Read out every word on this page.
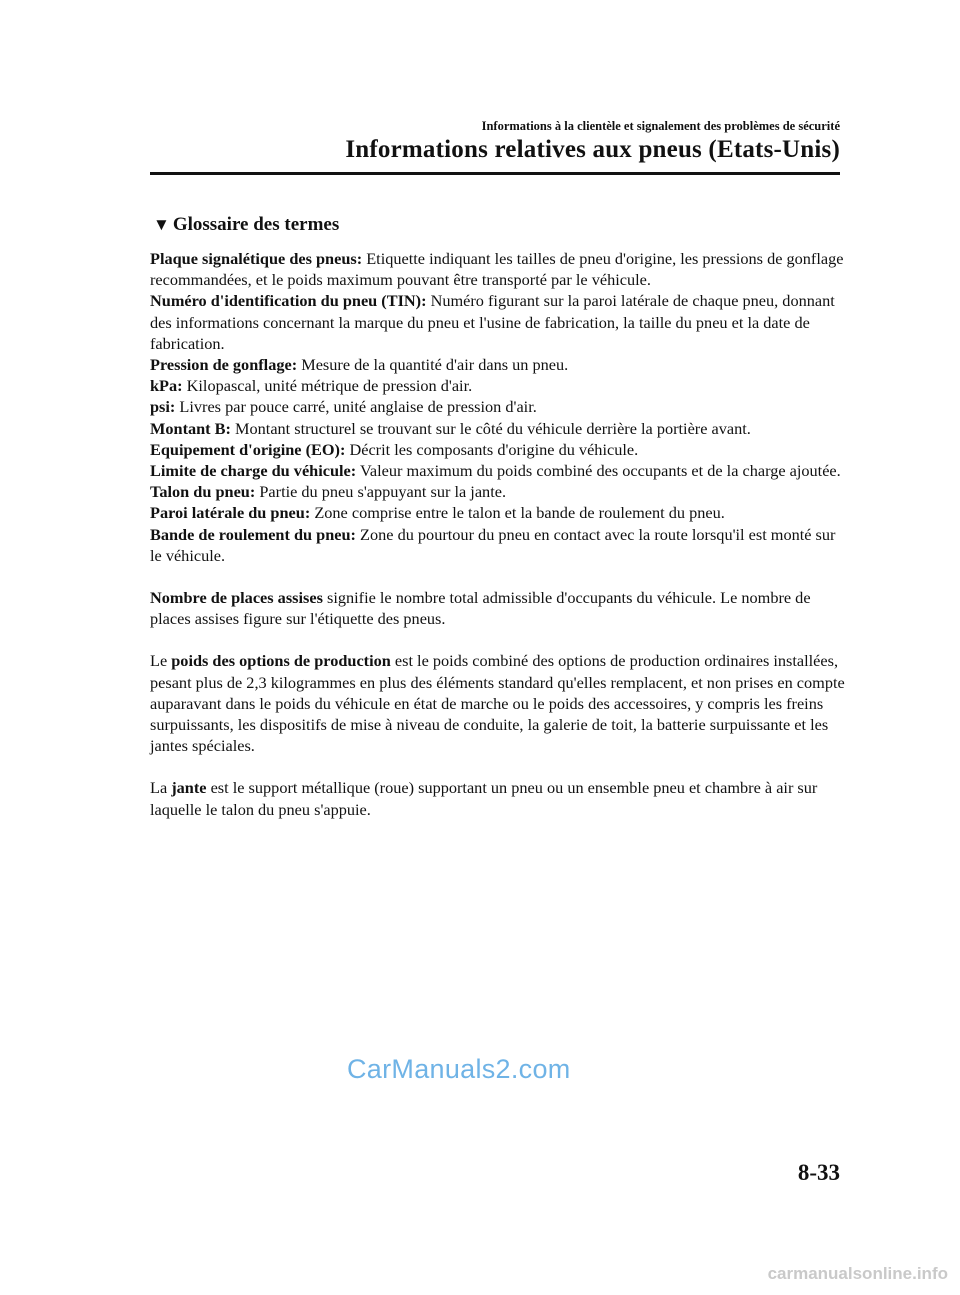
Informations à la clientèle et signalement des problèmes de sécurité
Informations relatives aux pneus (Etats-Unis)
▼ Glossaire des termes

Plaque signalétique des pneus: Etiquette indiquant les tailles de pneu d'origine, les pressions de gonflage recommandées, et le poids maximum pouvant être transporté par le véhicule.

Numéro d'identification du pneu (TIN): Numéro figurant sur la paroi latérale de chaque pneu, donnant des informations concernant la marque du pneu et l'usine de fabrication, la taille du pneu et la date de fabrication.

Pression de gonflage: Mesure de la quantité d'air dans un pneu.

kPa: Kilopascal, unité métrique de pression d'air.

psi: Livres par pouce carré, unité anglaise de pression d'air.

Montant B: Montant structurel se trouvant sur le côté du véhicule derrière la portière avant.

Equipement d'origine (EO): Décrit les composants d'origine du véhicule.

Limite de charge du véhicule: Valeur maximum du poids combiné des occupants et de la charge ajoutée.

Talon du pneu: Partie du pneu s'appuyant sur la jante.

Paroi latérale du pneu: Zone comprise entre le talon et la bande de roulement du pneu.

Bande de roulement du pneu: Zone du pourtour du pneu en contact avec la route lorsqu'il est monté sur le véhicule.

Nombre de places assises signifie le nombre total admissible d'occupants du véhicule. Le nombre de places assises figure sur l'étiquette des pneus.

Le poids des options de production est le poids combiné des options de production ordinaires installées, pesant plus de 2,3 kilogrammes en plus des éléments standard qu'elles remplacent, et non prises en compte auparavant dans le poids du véhicule en état de marche ou le poids des accessoires, y compris les freins surpuissants, les dispositifs de mise à niveau de conduite, la galerie de toit, la batterie surpuissante et les jantes spéciales.

La jante est le support métallique (roue) supportant un pneu ou un ensemble pneu et chambre à air sur laquelle le talon du pneu s'appuie.

CarManuals2.com
8-33
carmanualsonline.info
